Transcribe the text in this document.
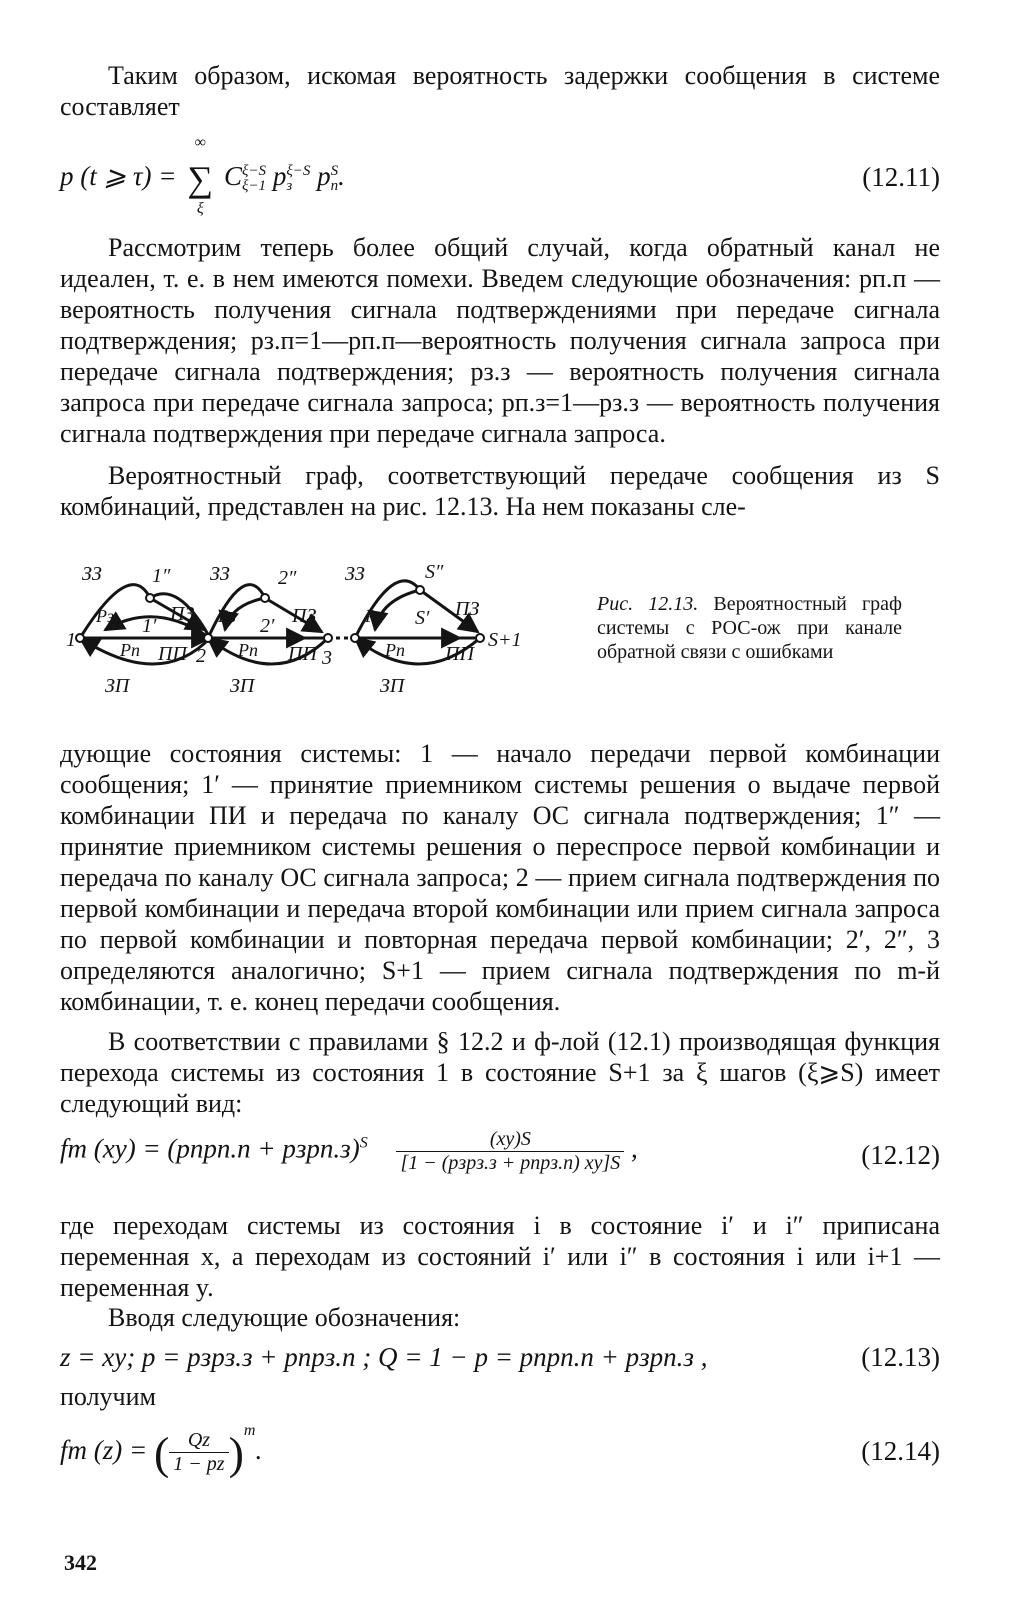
Таким образом, искомая вероятность задержки сообщения в системе составляет

p (t ⩾ τ) =
∞
∑
ξ
C ξ−S
ξ−1 p ξ−S
з p S
п .	(12.11)

Рассмотрим теперь более общий случай, когда обратный канал не идеален, т. е. в нем имеются помехи. Введем следующие обозначения: pп.п — вероятность получения сигнала подтверждениями при передаче сигнала подтверждения; pз.п=1—pп.п—вероятность получения сигнала запроса при передаче сигнала подтверждения; pз.з — вероятность получения сигнала запроса при передаче сигнала запроса; pп.з=1—pз.з — вероятность получения сигнала подтверждения при передаче сигнала запроса.

Вероятностный граф, соответствующий передаче сообщения из S комбинаций, представлен на рис. 12.13. На нем показаны сле-

ЗЗ	ЗЗ	ЗЗ
ПЗ	ПЗ	ПЗ
ПП	ПП	ПП
ЗП	ЗП	ЗП
Pз	Pз	Pз
Pп	Pп	Pп
1
1′
1″
2
2′
2″
3
S′
S″
S+1
Рис. 12.13. Вероятностный граф системы с РОС-ож при канале обратной связи с ошибками

дующие состояния системы: 1 — начало передачи первой комбинации сообщения; 1′ — принятие приемником системы решения о выдаче первой комбинации ПИ и передача по каналу ОС сигнала подтверждения; 1″ — принятие приемником системы решения о переспросе первой комбинации и передача по каналу ОС сигнала запроса; 2 — прием сигнала подтверждения по первой комбинации и передача второй комбинации или прием сигнала запроса по первой комбинации и повторная передача первой комбинации; 2′, 2″, 3 определяются аналогично; S+1 — прием сигнала подтверждения по m-й комбинации, т. е. конец передачи сообщения.

В соответствии с правилами § 12.2 и ф-лой (12.1) производящая функция перехода системы из состояния 1 в состояние S+1 за ξ шагов (ξ⩾S) имеет следующий вид:

fm (xy) = (pпpп.п + pзpп.з)$^S$ $\frac{(xy)S}{\text{[1 − (pзpз.з + pпpз.п) xy]S}}$ ,	(12.12)

где переходам системы из состояния i в состояние i′ и i″ приписана переменная x, а переходам из состояний i′ или i″ в состояния i или i+1 — переменная y.

Вводя следующие обозначения:

z = xy; p = pзpз.з + pпpз.п ; Q = 1 − p = pпpп.п + pзpп.з ,	(12.13)
получим
fm (z) = ( $\frac{Qz}{1 - pz} )^m$.	(12.14)
342
